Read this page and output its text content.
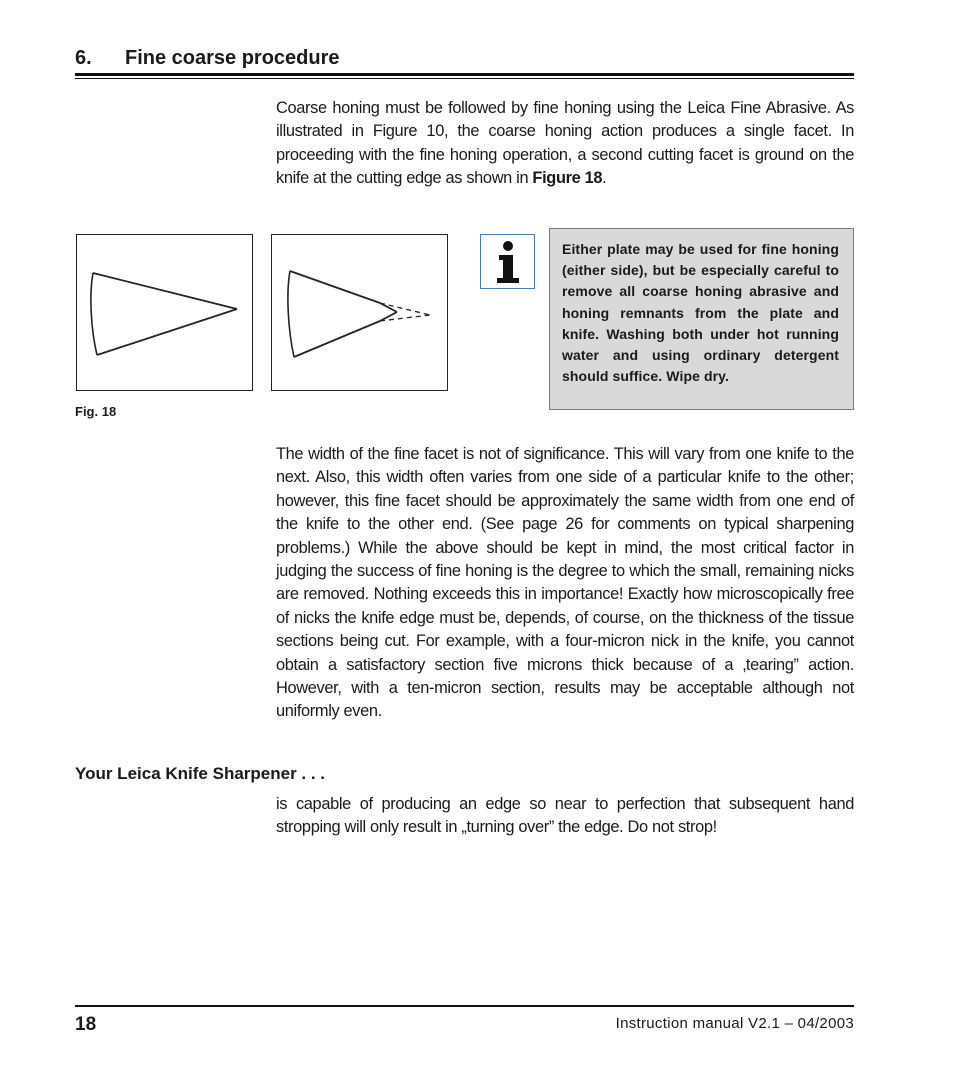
6. Fine coarse procedure
Coarse honing must be followed by fine honing using the Leica Fine Abrasive. As illustrated in Figure 10, the coarse honing action produces a single facet. In proceeding with the fine honing operation, a second cutting facet is ground on the knife at the cutting edge as shown in Figure 18.
Fig. 18
Either plate may be used for fine honing (either side), but be especially careful to remove all coarse honing abrasive and honing remnants from the plate and knife. Washing both under hot running water and using ordinary detergent should suffice. Wipe dry.
The width of the fine facet is not of significance. This will vary from one knife to the next. Also, this width often varies from one side of a particular knife to the other; however, this fine facet should be approximately the same width from one end of the knife to the other end. (See page 26 for comments on typical sharpening problems.) While the above should be kept in mind, the most critical factor in judging the success of fine honing is the degree to which the small, remaining nicks are removed. Nothing exceeds this in importance! Exactly how microscopically free of nicks the knife edge must be, depends, of course, on the thickness of the tissue sections being cut. For example, with a four-micron nick in the knife, you cannot obtain a satisfactory section five microns thick because of a ‚tearing” action. However, with a ten-micron section, results may be acceptable although not uniformly even.
Your Leica Knife Sharpener . . .
is capable of producing an edge so near to perfection that subsequent hand stropping will only result in „turning over” the edge. Do not strop!
18	Instruction manual V2.1 – 04/2003
